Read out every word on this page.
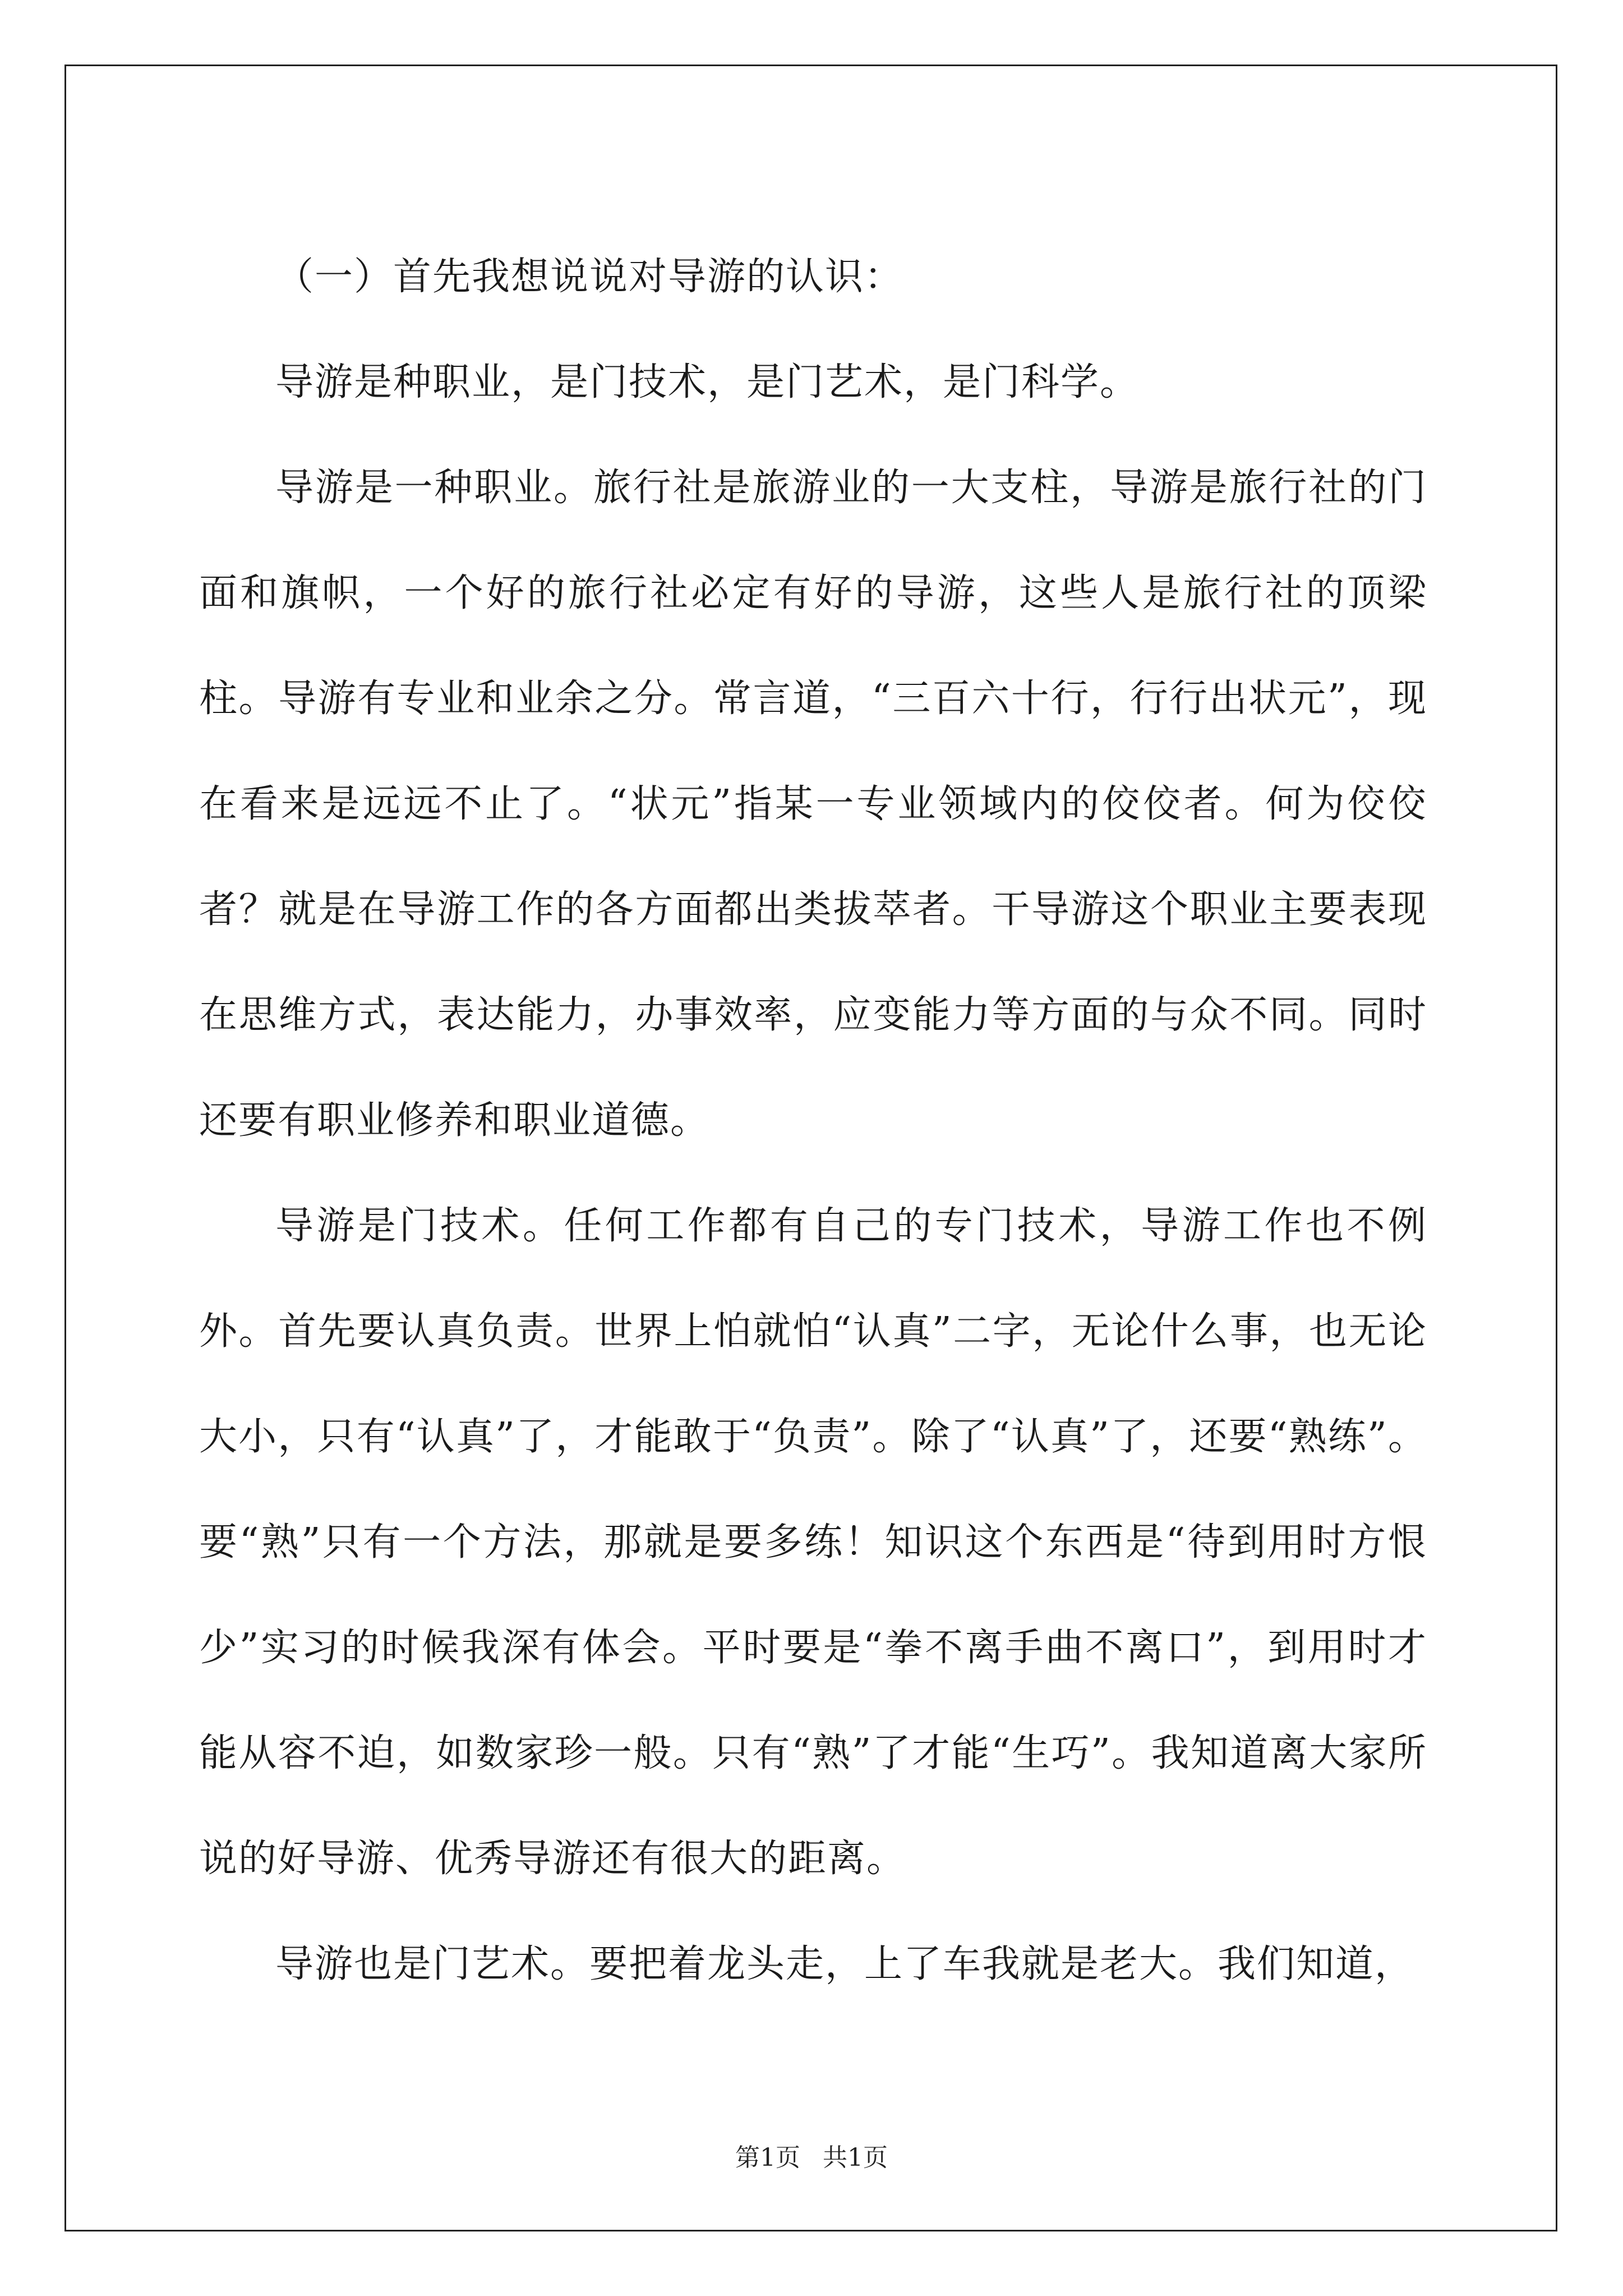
（一）首先我想说说对导游的认识：

导游是种职业，是门技术，是门艺术，是门科学。

导游是一种职业。旅行社是旅游业的一大支柱，导游是旅行社的门面和旗帜，一个好的旅行社必定有好的导游，这些人是旅行社的顶梁柱。导游有专业和业余之分。常言道，“三百六十行，行行出状元”，现在看来是远远不止了。“状元”指某一专业领域内的佼佼者。何为佼佼者？就是在导游工作的各方面都出类拔萃者。干导游这个职业主要表现在思维方式，表达能力，办事效率，应变能力等方面的与众不同。同时还要有职业修养和职业道德。

导游是门技术。任何工作都有自己的专门技术，导游工作也不例外。首先要认真负责。世界上怕就怕“认真”二字，无论什么事，也无论大小，只有“认真”了，才能敢于“负责”。除了“认真”了，还要“熟练”。要“熟”只有一个方法，那就是要多练！知识这个东西是“待到用时方恨少”实习的时候我深有体会。平时要是“拳不离手曲不离口”，到用时才能从容不迫，如数家珍一般。只有“熟”了才能“生巧”。我知道离大家所说的好导游、优秀导游还有很大的距离。

导游也是门艺术。要把着龙头走，上了车我就是老大。我们知道，

第1页 共1页
